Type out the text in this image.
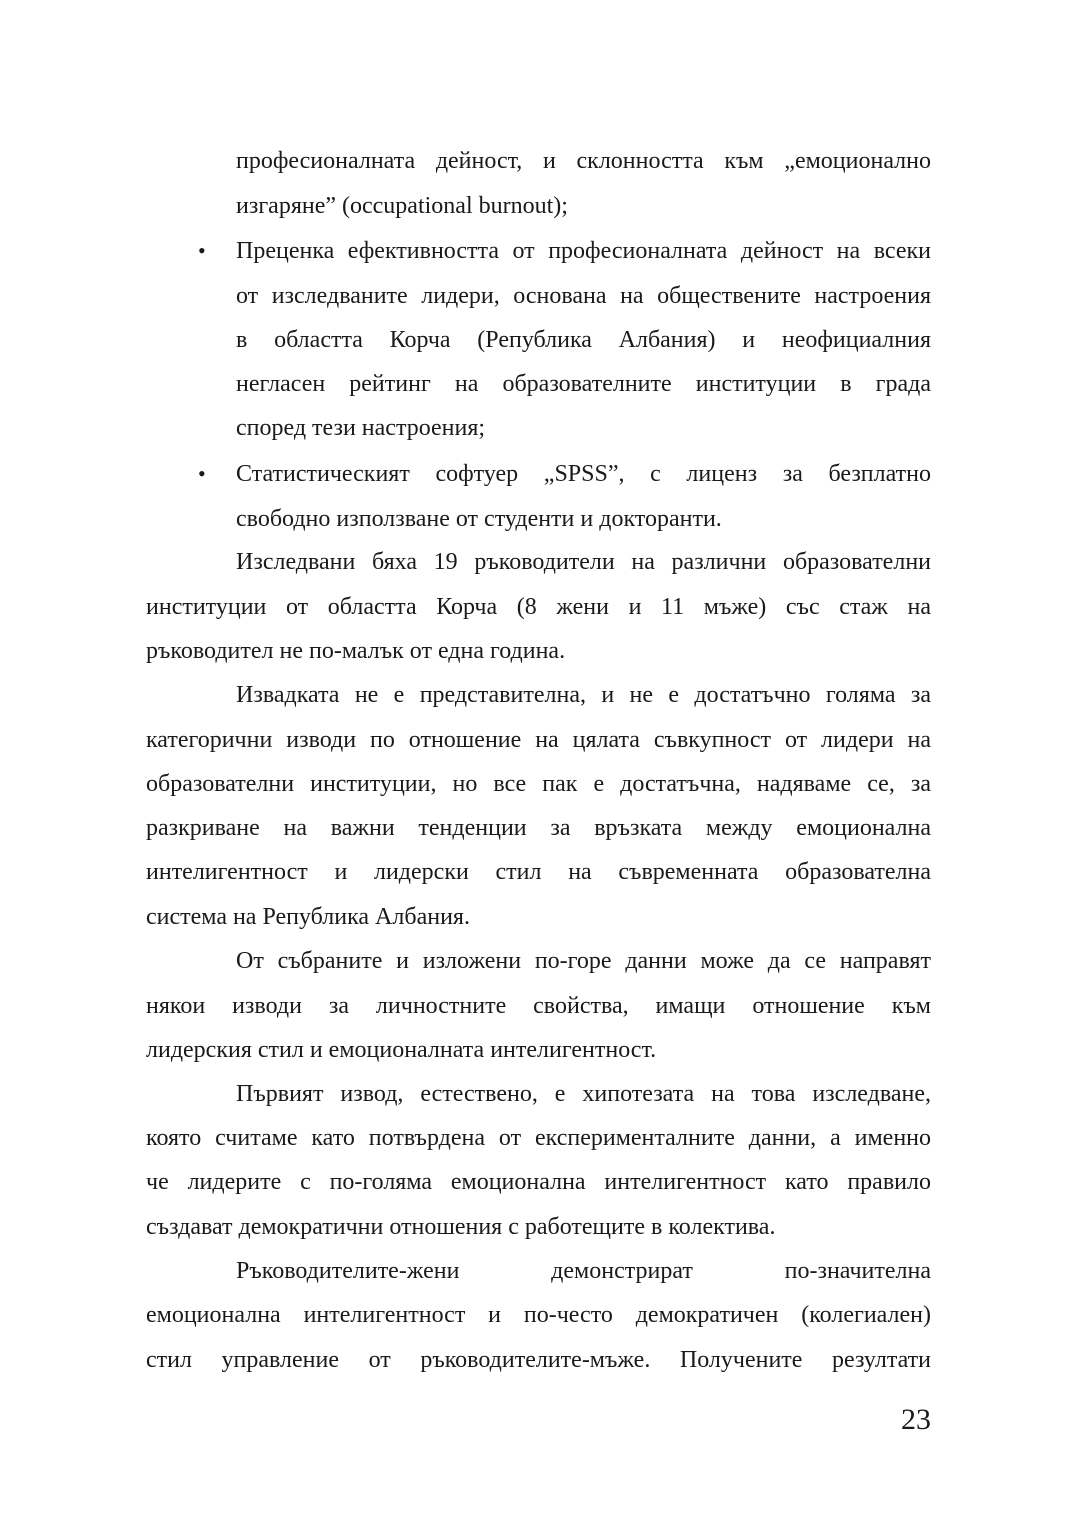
професионалната дейност, и склонността към „емоционално
изгаряне” (occupational burnout);
•	Преценка ефективността от професионалната дейност на всеки
от изследваните лидери, основана на обществените настроения
в областта Корча (Република Албания) и неофициалния
негласен рейтинг на образователните институции в града
според тези настроения;
•	Статистическият софтуер „SPSS”, с лиценз за безплатно
свободно използване от студенти и докторанти.
Изследвани бяха 19 ръководители на различни образователни
институции от областта Корча (8 жени и 11 мъже) със стаж на
ръководител не по-малък от една година.
Извадката не е представителна, и не е достатъчно голяма за
категорични изводи по отношение на цялата съвкупност от лидери на
образователни институции, но все пак е достатъчна, надяваме се, за
разкриване на важни тенденции за връзката между емоционална
интелигентност и лидерски стил на съвременната образователна
система на Република Албания.
От събраните и изложени по-горе данни може да се направят
някои изводи за личностните свойства, имащи отношение към
лидерския стил и емоционалната интелигентност.
Първият извод, естествено, е хипотезата на това изследване,
която считаме като потвърдена от експерименталните данни, а именно
че лидерите с по-голяма емоционална интелигентност като правило
създават демократични отношения с работещите в колектива.
Ръководителите-жени демонстрират по-значителна
емоционална интелигентност и по-често демократичен (колегиален)
стил управление от ръководителите-мъже. Получените резултати
23
